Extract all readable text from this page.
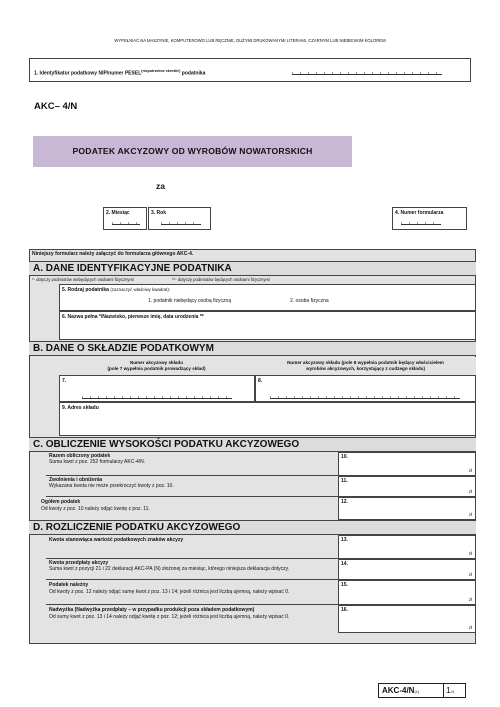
WYPEŁNIAĆ NA MASZYNIE, KOMPUTEROWO LUB RĘCZNIE, DUŻYMI DRUKOWANYMI LITERAMI, CZARNYM LUB NIEBIESKIM KOLOREM
1. Identyfikator podatkowy NIP/numer $PESEL^{(niepotrzebne skreślić)}$ podatnika
AKC– 4/N
PODATEK AKCYZOWY OD WYROBÓW NOWATORSKICH
za
2. Miesiąc	3. Rok	4. Numer formularza
Niniejszy formularz należy załączyć do formularza głównego AKC-4.
A. DANE IDENTYFIKACYJNE PODATNIKA
*- dotyczy podmiotów niebędących osobami fizycznymi	**- dotyczy podmiotów będących osobami fizycznymi
5. Rodzaj podatnika (zaznaczyć właściwy kwadrat):
1. podatnik niebędący osobą fizyczną	2. osoba fizyczna
6. Nazwa pełna */Nazwisko, pierwsze imię, data urodzenia **
B. DANE O SKŁADZIE PODATKOWYM
Numer akcyzowy składu
(pole 7 wypełnia podatnik prowadzący skład)
Numer akcyzowy składu (pole 8 wypełnia podatnik będący właścicielem
wyrobów akcyzowych, korzystający z cudzego składu)
7.	8.
9. Adres składu
C. OBLICZENIE WYSOKOŚCI PODATKU AKCYZOWEGO
Razem obliczony podatek
Suma kwot z poz. 252 formularzy AKC-4/N.
10.
zł
Zwolnienia i obniżenia
Wykazana kwota nie może przekroczyć kwoty z poz. 10.
11.
zł
Ogółem podatek
Od kwoty z poz. 10 należy odjąć kwotę z poz. 11.
12.
zł
D. ROZLICZENIE PODATKU AKCYZOWEGO
Kwota stanowiąca wartość podatkowych znaków akcyzy	13.
zł
Kwota przedpłaty akcyzy
Suma kwot z pozycji 21 i 22 deklaracji AKC-PA (N) złożonej za miesiąc, którego niniejsza deklaracja dotyczy.
14.
zł
Podatek należny
Od kwoty z poz. 12 należy odjąć sumę kwot z poz. 13 i 14; jeżeli różnica jest liczbą ujemną, należy wpisać 0.
15.
zł
Nadwyżka (Nadwyżka przedpłaty – w przypadku produkcji poza składem podatkowym)
Od sumy kwot z poz. 13 i 14 należy odjąć kwotę z poz. 12; jeżeli różnica jest liczbą ujemną, należy wpisać 0.
16.
zł
AKC-4/N(1)	1/4
